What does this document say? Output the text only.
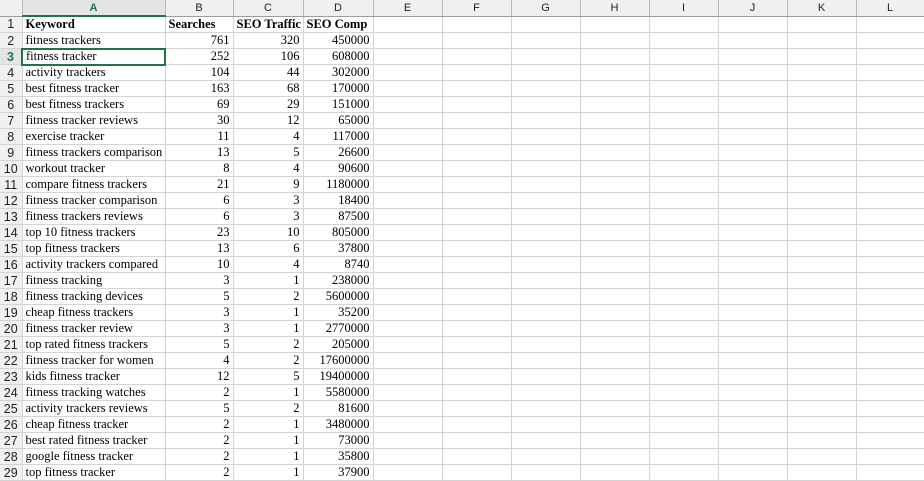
	A	B	C	D	E	F	G	H	I	J	K	L
1	Keyword	Searches	SEO Traffic	SEO Comp								

2	fitness trackers	761	320	450000								

3	fitness tracker	252	106	608000								

4	activity trackers	104	44	302000								

5	best fitness tracker	163	68	170000								

6	best fitness trackers	69	29	151000								

7	fitness tracker reviews	30	12	65000								

8	exercise tracker	11	4	117000								

9	fitness trackers comparison	13	5	26600								

10	workout tracker	8	4	90600								

11	compare fitness trackers	21	9	1180000								

12	fitness tracker comparison	6	3	18400								

13	fitness trackers reviews	6	3	87500								

14	top 10 fitness trackers	23	10	805000								

15	top fitness trackers	13	6	37800								

16	activity trackers compared	10	4	8740								

17	fitness tracking	3	1	238000								

18	fitness tracking devices	5	2	5600000								

19	cheap fitness trackers	3	1	35200								

20	fitness tracker review	3	1	2770000								

21	top rated fitness trackers	5	2	205000								

22	fitness tracker for women	4	2	17600000								

23	kids fitness tracker	12	5	19400000								

24	fitness tracking watches	2	1	5580000								

25	activity trackers reviews	5	2	81600								

26	cheap fitness tracker	2	1	3480000								

27	best rated fitness tracker	2	1	73000								

28	google fitness tracker	2	1	35800								

29	top fitness tracker	2	1	37900								
